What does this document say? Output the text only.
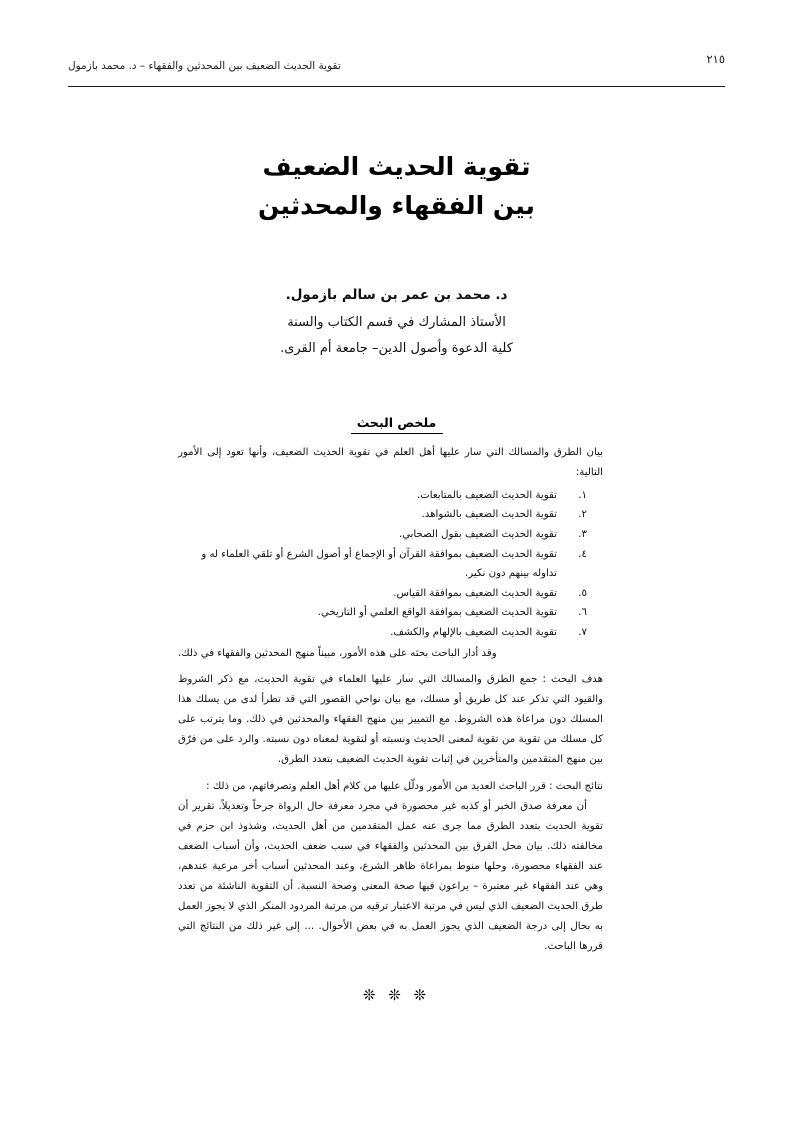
تقوية الحديث الضعيف بين المحدثين والفقهاء – د. محمد بازمول	٢١٥
تقوية الحديث الضعيف
بين الفقهاء والمحدثين
د. محمد بن عمر بن سالم بازمول.
الأستاذ المشارك في قسم الكتاب والسنة
كلية الدعوة وأصول الدين– جامعة أم القرى.
ملخص البحث

بيان الطرق والمسالك التي سار عليها أهل العلم في تقوية الحديث الضعيف، وأنها تعود إلى الأمور التالية:

١.
تقوية الحديث الضعيف بالمتابعات.
٢.
تقوية الحديث الضعيف بالشواهد.
٣.
تقوية الحديث الضعيف بقول الصحابي.
٤.
تقوية الحديث الضعيف بموافقة القرآن أو الإجماع أو أصول الشرع أو تلقي العلماء له و تداوله بينهم دون نكير.
٥.
تقوية الحديث الضعيف بموافقة القياس.
٦.
تقوية الحديث الضعيف بموافقة الواقع العلمي أو التاريخي.
٧.
تقوية الحديث الضعيف بالإلهام والكشف.

وقد أدار الباحث بحثه على هذه الأمور، مبيناً منهج المحدثين والفقهاء في ذلك.

هدف البحث : جمع الطرق والمسالك التي سار عليها العلماء في تقوية الحديث، مع ذكر الشروط والقيود التي تذكر عند كل طريق أو مسلك، مع بيان نواحي القصور التي قد تطرأ لدى من يسلك هذا المسلك دون مراعاة هذه الشروط. مع التمييز بين منهج الفقهاء والمحدثين في ذلك. وما يترتب على كل مسلك من تقوية من تقوية لمعنى الحديث ونسبته أو لتقوية لمعناه دون نسبته. والرد على من فرّق بين منهج المتقدمين والمتأخرين في إثبات تقوية الحديث الضعيف بتعدد الطرق.

نتائج البحث : قرر الباحث العديد من الأمور ودلّل عليها من كلام أهل العلم وتصرفاتهم، من ذلك :

أن معرفة صدق الخبر أو كذبه غير محصورة في مجرد معرفة حال الرواة جرحاً وتعديلاً. تقرير أن تقوية الحديث بتعدد الطرق مما جرى عنه عمل المتقدمين من أهل الحديث، وشذوذ ابن حزم في مخالفته ذلك. بيان محل الفرق بين المحدثين والفقهاء في سبب ضعف الحديث، وأن أسباب الضعف عند الفقهاء محصورة، وحلها منوط بمراعاة ظاهر الشرع، وعند المحدثين أسباب أخر مرعية عندهم، وهي عند الفقهاء غير معتبرة – يراعون فيها صحة المعنى وصحة النسبة. أن التقوية الناشئة من تعدد طرق الحديث الضعيف الذي ليس في مرتبة الاعتبار ترقيه من مرتبة المردود المنكر الذي لا يجوز العمل به بحال إلى درجة الضعيف الذي يجوز العمل به في بعض الأحوال. ... إلى غير ذلك من النتائج التي قررها الباحث.

❊ ❊ ❊
